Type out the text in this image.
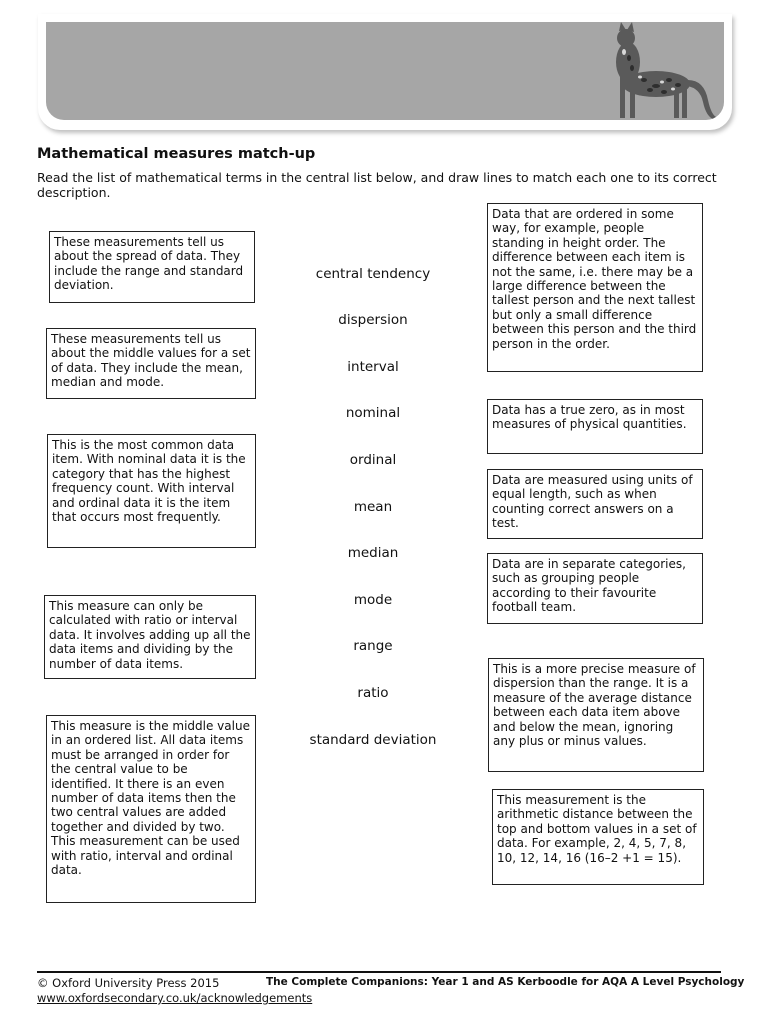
Mathematical measures match-up
Read the list of mathematical terms in the central list below, and draw lines to match each one to its correct description.
These measurements tell us about the spread of data. They include the range and standard deviation.
These measurements tell us about the middle values for a set of data. They include the mean, median and mode.
This is the most common data item. With nominal data it is the category that has the highest frequency count. With interval and ordinal data it is the item that occurs most frequently.
This measure can only be calculated with ratio or interval data. It involves adding up all the data items and dividing by the number of data items.
This measure is the middle value in an ordered list. All data items must be arranged in order for the central value to be identified. It there is an even number of data items then the two central values are added together and divided by two. This measurement can be used with ratio, interval and ordinal data.
central tendency
dispersion
interval
nominal
ordinal
mean
median
mode
range
ratio
standard deviation
Data that are ordered in some way, for example, people standing in height order. The difference between each item is not the same, i.e. there may be a large difference between the tallest person and the next tallest but only a small difference between this person and the third person in the order.
Data has a true zero, as in most measures of physical quantities.
Data are measured using units of equal length, such as when counting correct answers on a test.
Data are in separate categories, such as grouping people according to their favourite football team.
This is a more precise measure of dispersion than the range. It is a measure of the average distance between each data item above and below the mean, ignoring any plus or minus values.
This measurement is the arithmetic distance between the top and bottom values in a set of data. For example, 2, 4, 5, 7, 8, 10, 12, 14, 16 (16–2 +1 = 15).
© Oxford University Press 2015	The Complete Companions: Year 1 and AS Kerboodle for AQA A Level Psychology
www.oxfordsecondary.co.uk/acknowledgements
